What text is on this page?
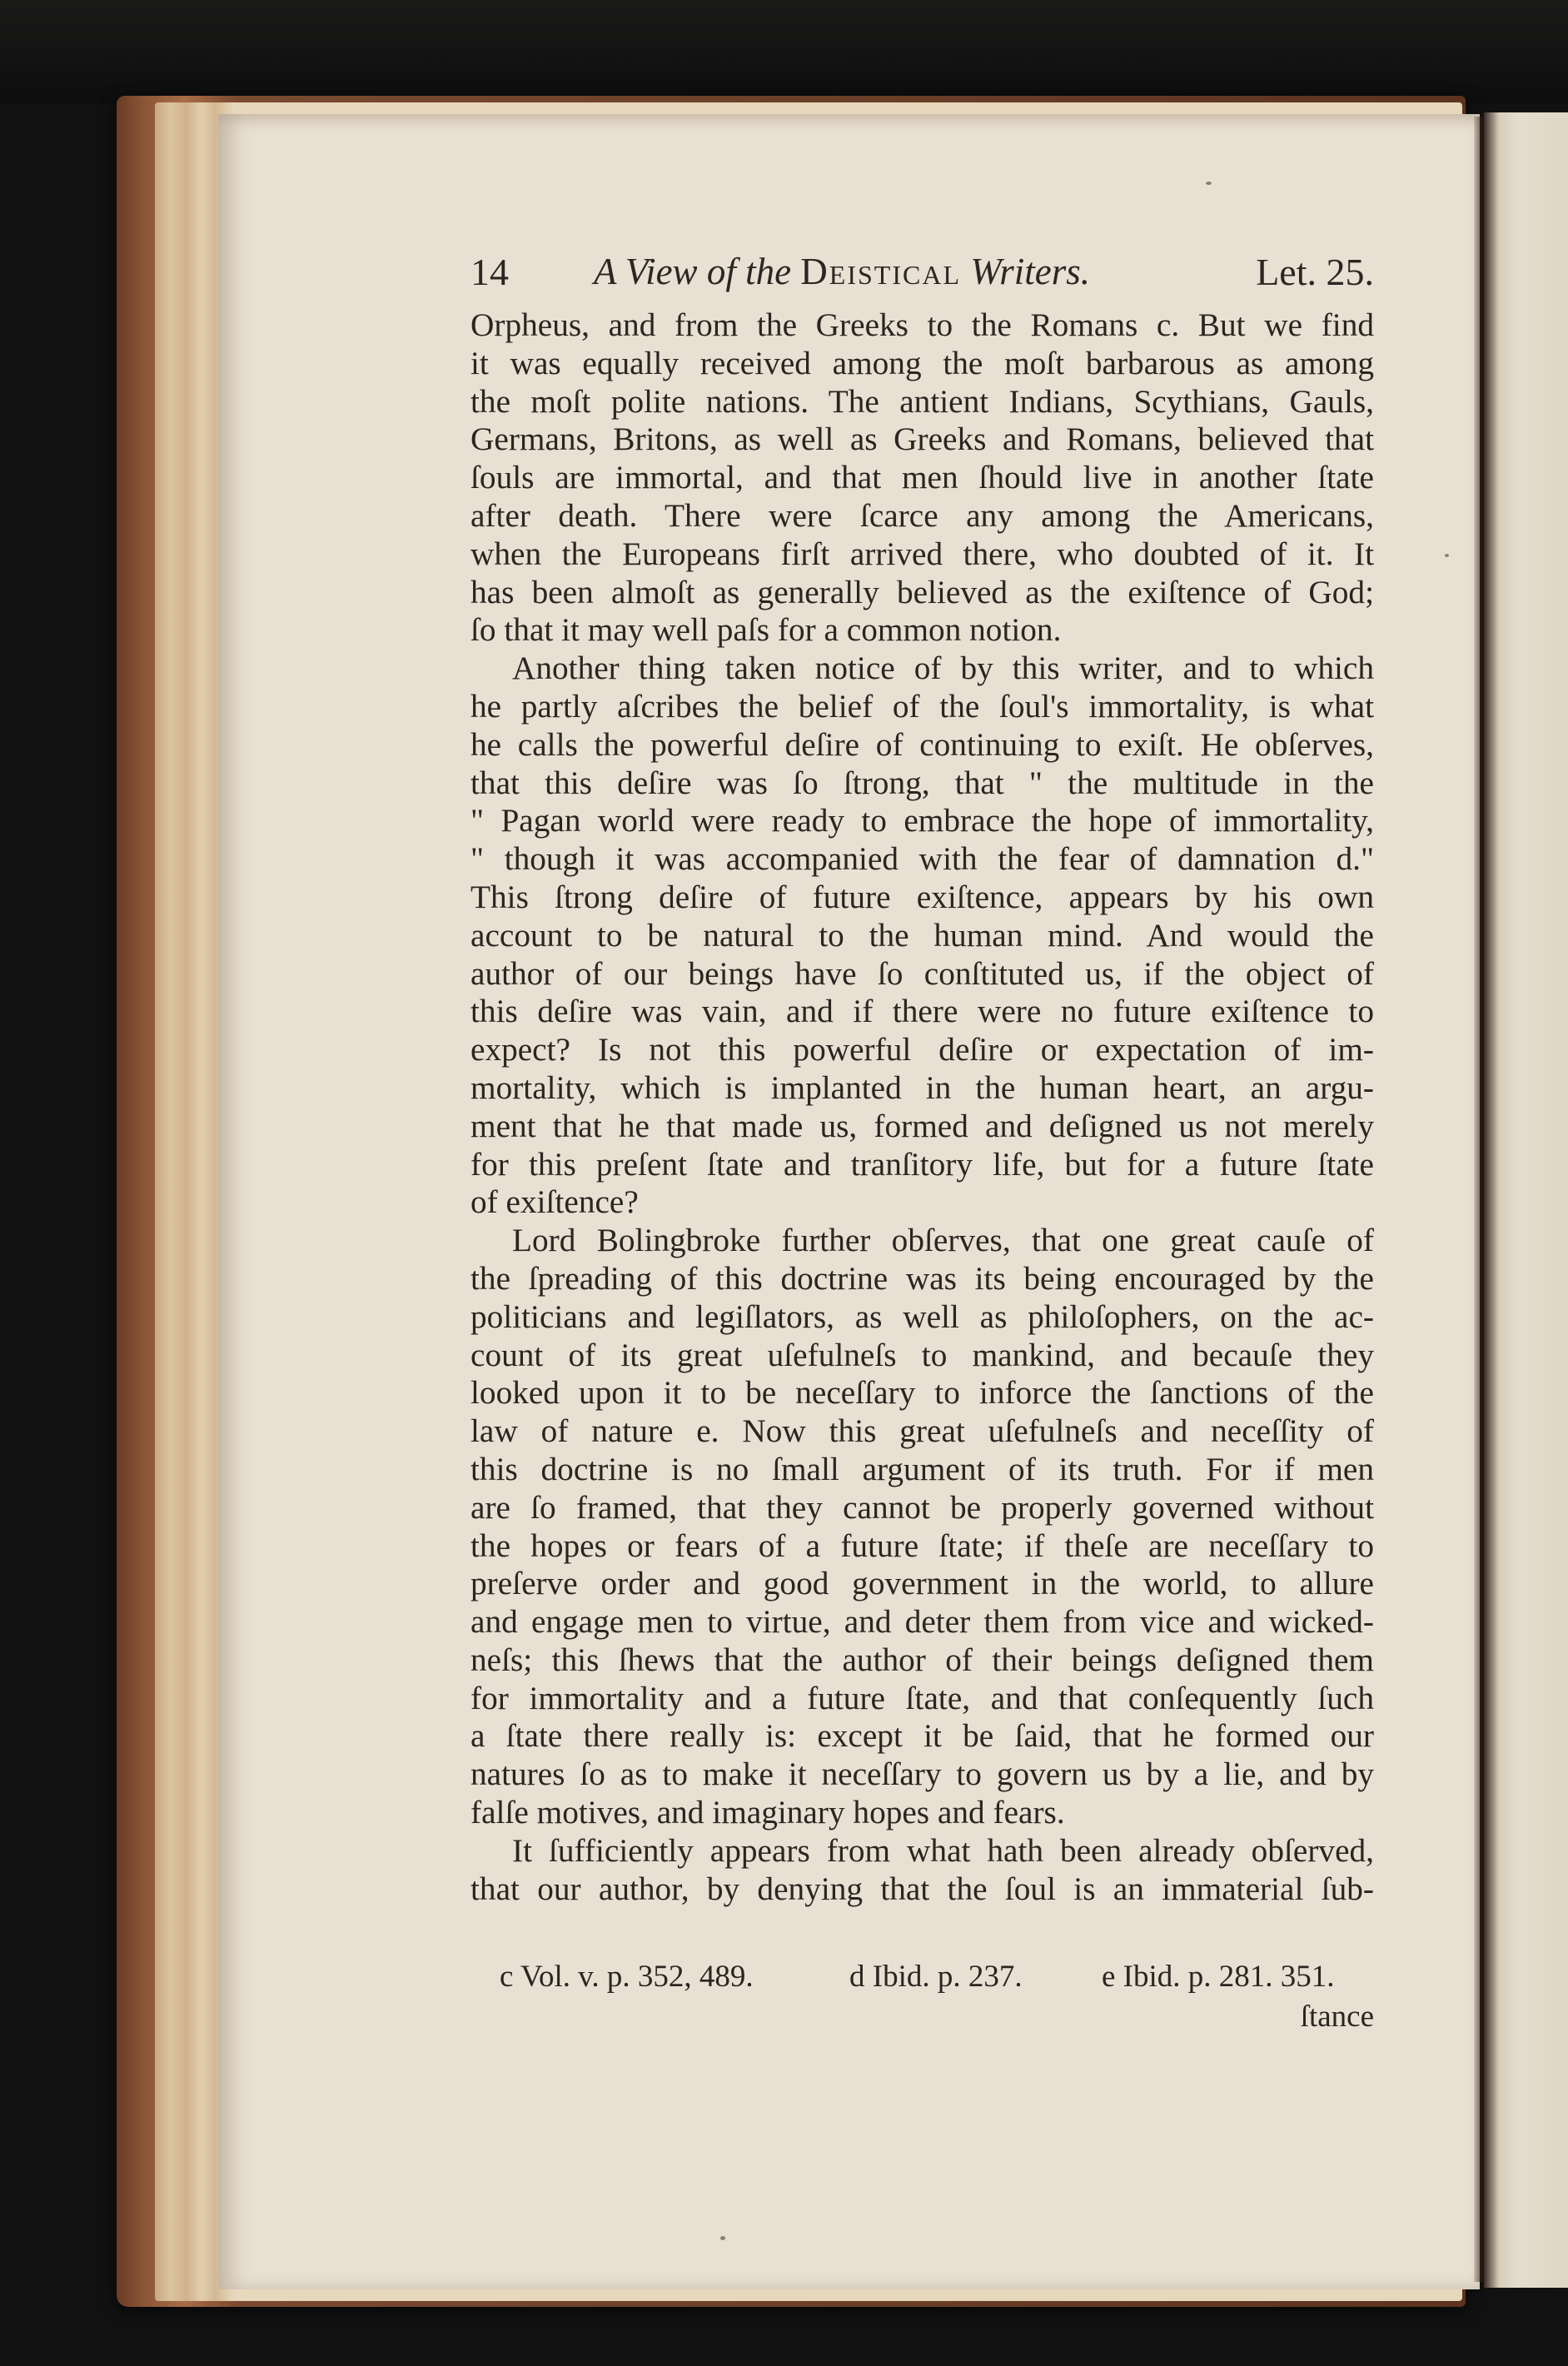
14 A View of the Deistical Writers.	Let. 25.
Orpheus, and from the Greeks to the Romans c. But we find
it was equally received among the moſt barbarous as among
the moſt polite nations. The antient Indians, Scythians, Gauls,
Germans, Britons, as well as Greeks and Romans, believed that
ſouls are immortal, and that men ſhould live in another ſtate
after death. There were ſcarce any among the Americans,
when the Europeans firſt arrived there, who doubted of it. It
has been almoſt as generally believed as the exiſtence of God;
ſo that it may well paſs for a common notion.
Another thing taken notice of by this writer, and to which
he partly aſcribes the belief of the ſoul's immortality, is what
he calls the powerful deſire of continuing to exiſt. He obſerves,
that this deſire was ſo ſtrong, that " the multitude in the
" Pagan world were ready to embrace the hope of immortality,
" though it was accompanied with the fear of damnation d."
This ſtrong deſire of future exiſtence, appears by his own
account to be natural to the human mind. And would the
author of our beings have ſo conſtituted us, if the object of
this deſire was vain, and if there were no future exiſtence to
expect? Is not this powerful deſire or expectation of im-
mortality, which is implanted in the human heart, an argu-
ment that he that made us, formed and deſigned us not merely
for this preſent ſtate and tranſitory life, but for a future ſtate
of exiſtence?
Lord Bolingbroke further obſerves, that one great cauſe of
the ſpreading of this doctrine was its being encouraged by the
politicians and legiſlators, as well as philoſophers, on the ac-
count of its great uſefulneſs to mankind, and becauſe they
looked upon it to be neceſſary to inforce the ſanctions of the
law of nature e. Now this great uſefulneſs and neceſſity of
this doctrine is no ſmall argument of its truth. For if men
are ſo framed, that they cannot be properly governed without
the hopes or fears of a future ſtate; if theſe are neceſſary to
preſerve order and good government in the world, to allure
and engage men to virtue, and deter them from vice and wicked-
neſs; this ſhews that the author of their beings deſigned them
for immortality and a future ſtate, and that conſequently ſuch
a ſtate there really is: except it be ſaid, that he formed our
natures ſo as to make it neceſſary to govern us by a lie, and by
falſe motives, and imaginary hopes and fears.
It ſufficiently appears from what hath been already obſerved,
that our author, by denying that the ſoul is an immaterial ſub-
c Vol. v. p. 352, 489.	d Ibid. p. 237.	e Ibid. p. 281. 351.
ſtance
